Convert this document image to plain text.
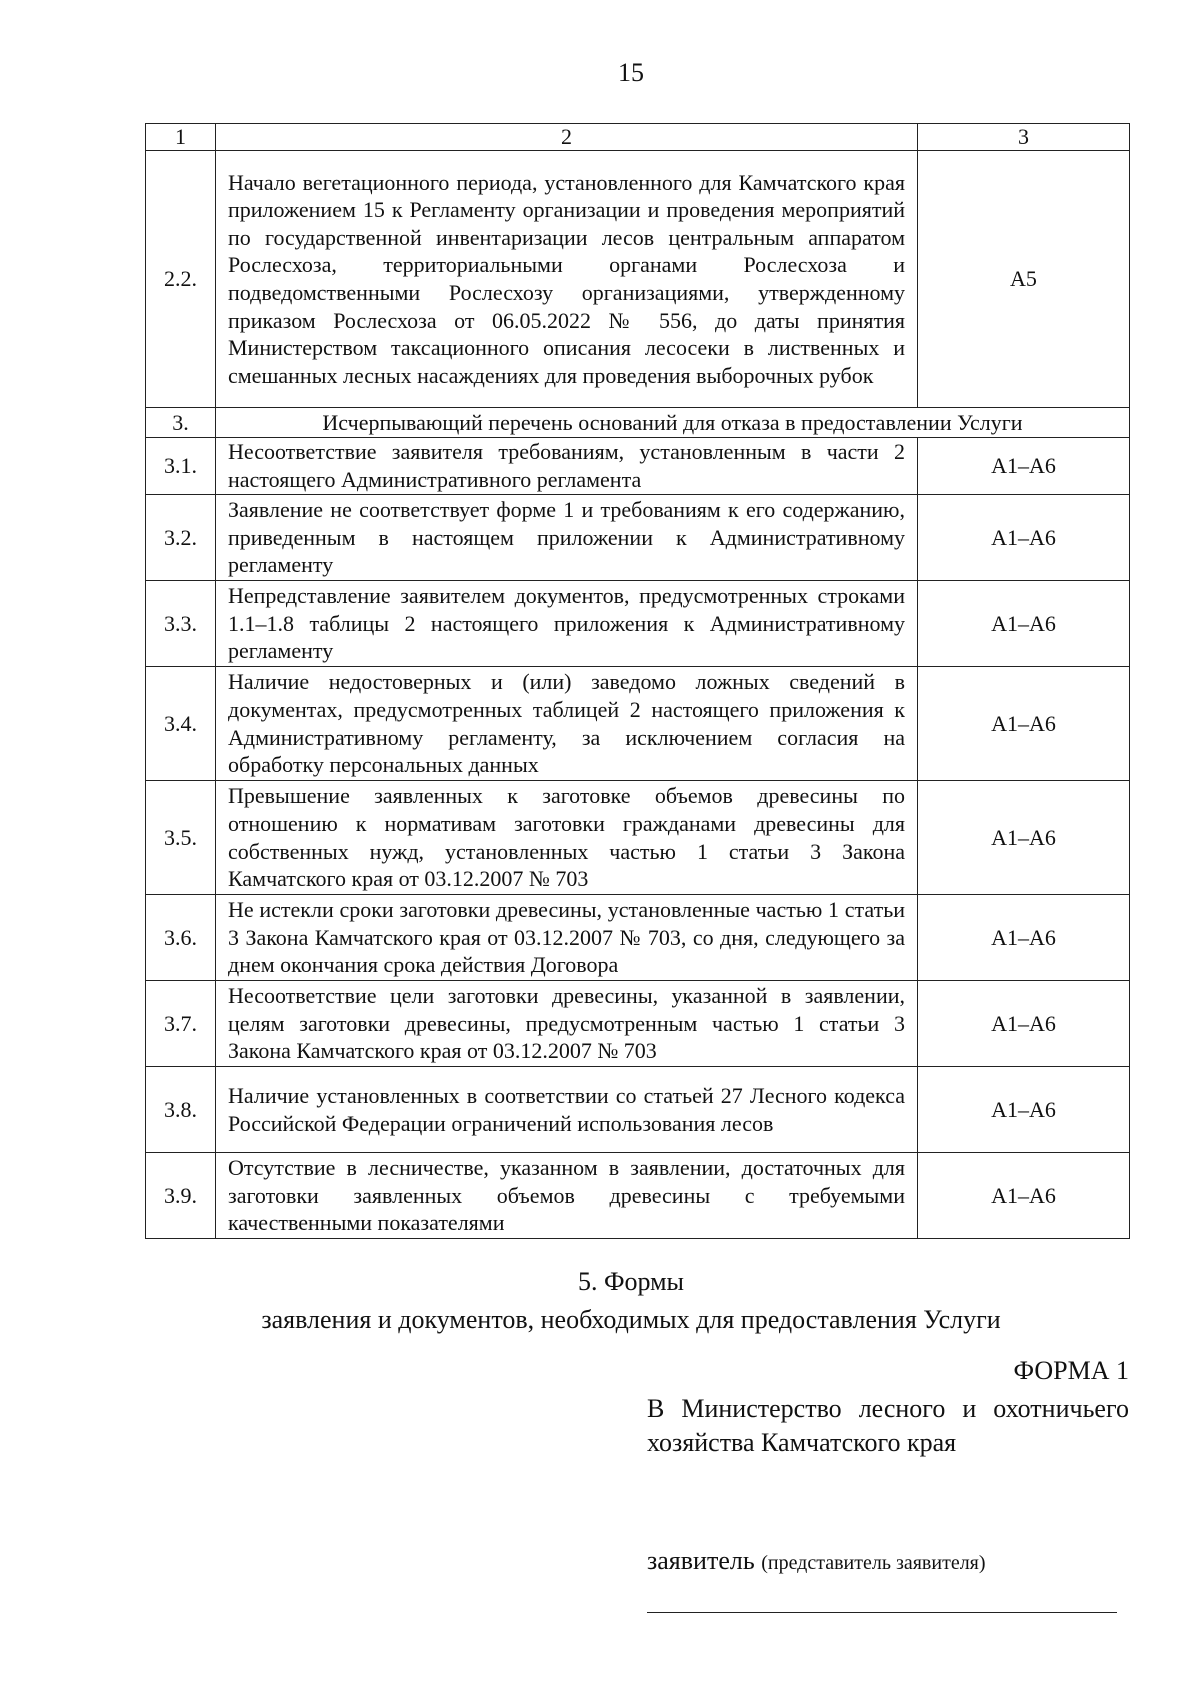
15
1	2	3
2.2.	Начало вегетационного периода, установленного для Камчатского края приложением 15 к Регламенту организации и проведения мероприятий по государственной инвентаризации лесов центральным аппаратом Рослесхоза, территориальными органами Рослесхоза и подведомственными Рослесхозу организациями, утвержденному приказом Рослесхоза от 06.05.2022 № 556, до даты принятия Министерством таксационного описания лесосеки в лиственных и смешанных лесных насаждениях для проведения выборочных рубок	А5
3.	Исчерпывающий перечень оснований для отказа в предоставлении Услуги	
3.1.	Несоответствие заявителя требованиям, установленным в части 2 настоящего Административного регламента	А1–А6
3.2.	Заявление не соответствует форме 1 и требованиям к его содержанию, приведенным в настоящем приложении к Административному регламенту	А1–А6
3.3.	Непредставление заявителем документов, предусмотренных строками 1.1–1.8 таблицы 2 настоящего приложения к Административному регламенту	А1–А6
3.4.	Наличие недостоверных и (или) заведомо ложных сведений в документах, предусмотренных таблицей 2 настоящего приложения к Административному регламенту, за исключением согласия на обработку персональных данных	А1–А6
3.5.	Превышение заявленных к заготовке объемов древесины по отношению к нормативам заготовки гражданами древесины для собственных нужд, установленных частью 1 статьи 3 Закона Камчатского края от 03.12.2007 № 703	А1–А6
3.6.	Не истекли сроки заготовки древесины, установленные частью 1 статьи 3 Закона Камчатского края от 03.12.2007 № 703, со дня, следующего за днем окончания срока действия Договора	А1–А6
3.7.	Несоответствие цели заготовки древесины, указанной в заявлении, целям заготовки древесины, предусмотренным частью 1 статьи 3 Закона Камчатского края от 03.12.2007 № 703	А1–А6
3.8.	Наличие установленных в соответствии со статьей 27 Лесного кодекса Российской Федерации ограничений использования лесов	А1–А6
3.9.	Отсутствие в лесничестве, указанном в заявлении, достаточных для заготовки заявленных объемов древесины с требуемыми качественными показателями	А1–А6
5. Формы
заявления и документов, необходимых для предоставления Услуги
ФОРМА 1
В Министерство лесного и охотничьего хозяйства Камчатского края
заявитель (представитель заявителя)
